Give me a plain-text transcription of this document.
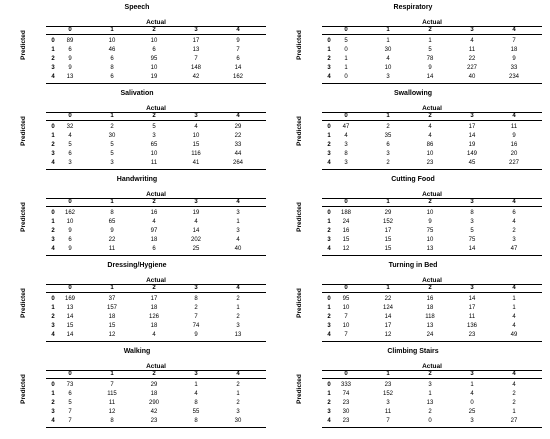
Speech
Actual
0	1	2	3	4
Predicted	0	89	10	10	17	9
1	6	46	6	13	7
2	9	6	95	7	6
3	9	8	10	148	14
4	13	6	19	42	162
Respiratory
Actual
0	1	2	3	4
Predicted	0	5	1	1	4	7
1	0	30	5	11	18
2	1	4	78	22	9
3	1	10	9	227	33
4	0	3	14	40	234
Salivation
Actual
0	1	2	3	4
Predicted	0	32	2	5	4	29
1	4	30	3	10	22
2	5	5	65	15	33
3	6	5	10	116	44
4	3	3	11	41	264
Swallowing
Actual
0	1	2	3	4
Predicted	0	47	2	4	17	11
1	4	35	4	14	9
2	3	6	86	19	16
3	8	3	10	149	20
4	3	2	23	45	227
Handwriting
Actual
0	1	2	3	4
Predicted	0	162	8	16	19	3
1	10	65	4	4	1
2	9	9	97	14	3
3	6	22	18	202	4
4	9	11	6	25	40
Cutting Food
Actual
0	1	2	3	4
Predicted	0	188	29	10	8	6
1	24	152	9	3	4
2	16	17	75	5	2
3	15	15	10	75	3
4	12	15	13	14	47
Dressing/Hygiene
Actual
0	1	2	3	4
Predicted	0	169	37	17	8	2
1	13	157	18	2	1
2	14	18	126	7	2
3	15	15	18	74	3
4	14	12	4	9	13
Turning in Bed
Actual
0	1	2	3	4
Predicted	0	95	22	16	14	1
1	10	124	18	17	1
2	7	14	118	11	4
3	10	17	13	136	4
4	7	12	24	23	49
Walking
Actual
0	1	2	3	4
Predicted	0	73	7	29	1	2
1	6	115	18	4	1
2	5	11	290	8	2
3	7	12	42	55	3
4	7	8	23	8	30
Climbing Stairs
Actual
0	1	2	3	4
Predicted	0	333	23	3	1	4
1	74	152	1	4	2
2	23	3	13	0	2
3	30	11	2	25	1
4	23	7	0	3	27
